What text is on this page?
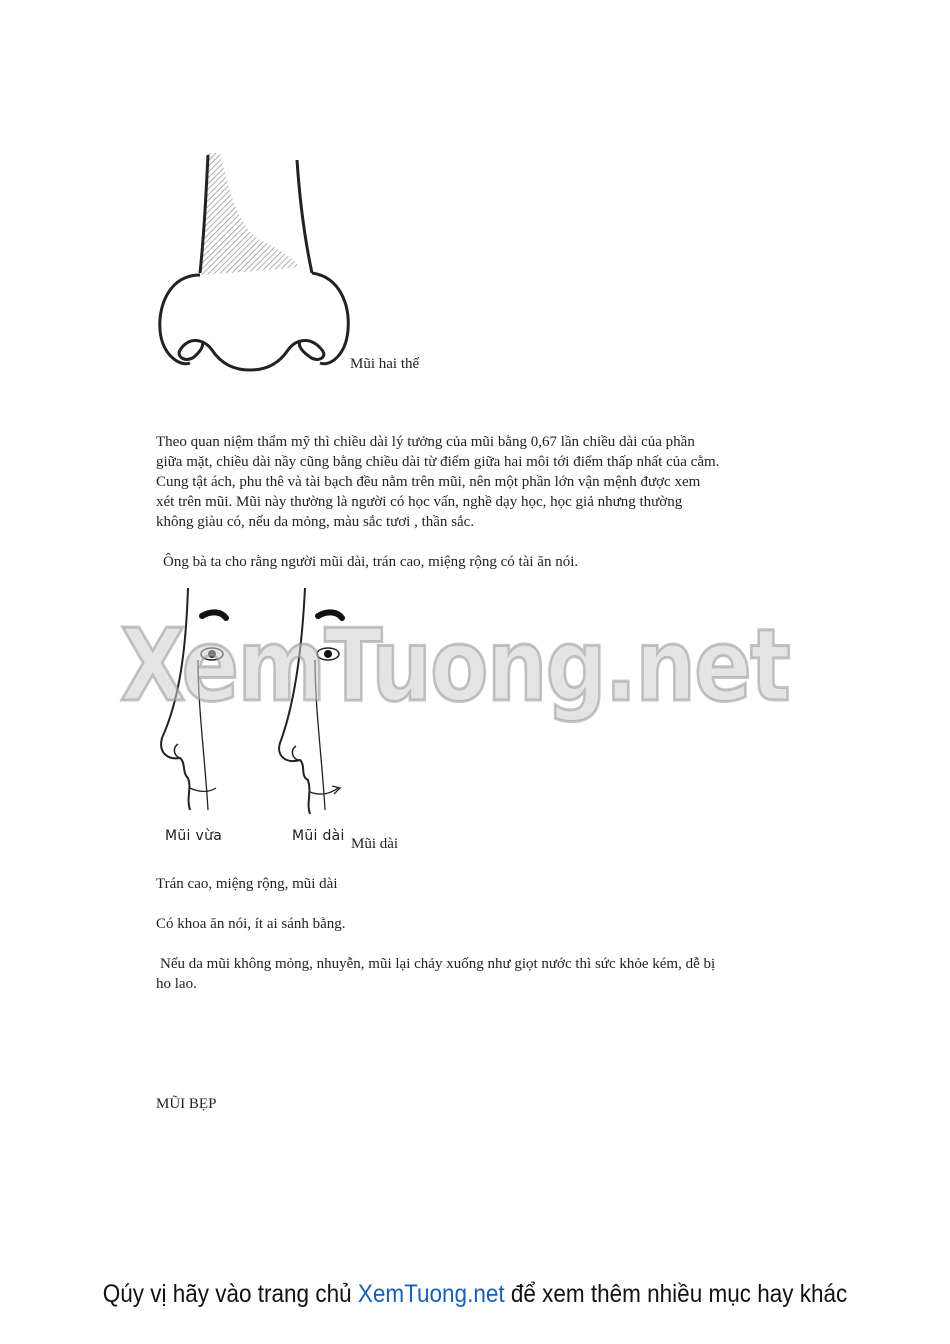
Mũi hai thể
Theo quan niệm thẩm mỹ thì chiều dài lý tưởng của mũi bằng 0,67 lần chiều dài của phần
giữa mặt, chiều dài nầy cũng bằng chiều dài từ điểm giữa hai môi tới điểm thấp nhất của cằm.
Cung tật ách, phu thê và tài bạch đều nằm trên mũi, nên một phần lớn vận mệnh được xem
xét trên mũi. Mũi này thường là người có học vấn, nghề dạy học, học giả nhưng thường
không giàu có, nếu da mỏng, màu sắc tươi , thần sắc.
Ông bà ta cho rằng người mũi dài, trán cao, miệng rộng có tài ăn nói.
Mũi vừa	Mũi dài Mũi dài
XemTuong.net
Trán cao, miệng rộng, mũi dài
Có khoa ăn nói, ít ai sánh bằng.
Nếu da mũi không mỏng, nhuyễn, mũi lại chảy xuống như giọt nước thì sức khỏe kém, dễ bị
ho lao.
MŨI BẸP
Qúy vị hãy vào trang chủ XemTuong.net để xem thêm nhiều mục hay khác
